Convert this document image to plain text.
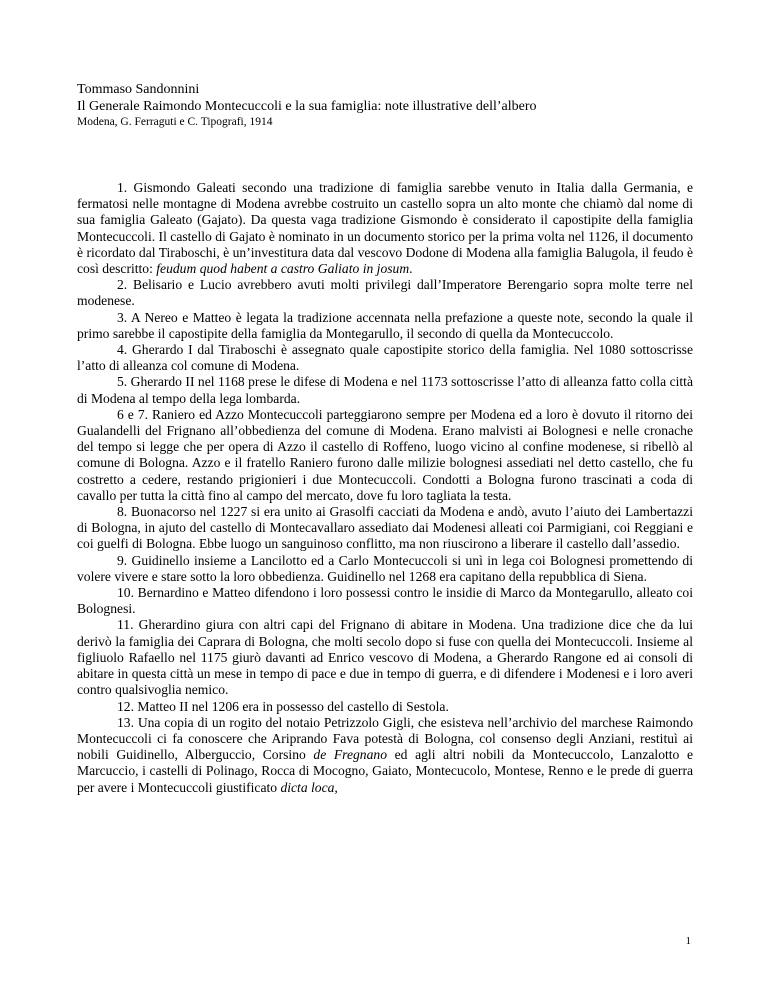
Tommaso Sandonnini
Il Generale Raimondo Montecuccoli e la sua famiglia: note illustrative dell’albero
Modena, G. Ferraguti e C. Tipografi, 1914

1. Gismondo Galeati secondo una tradizione di famiglia sarebbe venuto in Italia dalla Germania, e fermatosi nelle montagne di Modena avrebbe costruito un castello sopra un alto monte che chiamò dal nome di sua famiglia Galeato (Gajato). Da questa vaga tradizione Gismondo è considerato il capostipite della famiglia Montecuccoli. Il castello di Gajato è nominato in un documento storico per la prima volta nel 1126, il documento è ricordato dal Tiraboschi, è un’investitura data dal vescovo Dodone di Modena alla famiglia Balugola, il feudo è così descritto: feudum quod habent a castro Galiato in josum.

2. Belisario e Lucio avrebbero avuti molti privilegi dall’Imperatore Berengario sopra molte terre nel modenese.

3. A Nereo e Matteo è legata la tradizione accennata nella prefazione a queste note, secondo la quale il primo sarebbe il capostipite della famiglia da Montegarullo, il secondo di quella da Montecuccolo.

4. Gherardo I dal Tiraboschi è assegnato quale capostipite storico della famiglia. Nel 1080 sottoscrisse l’atto di alleanza col comune di Modena.

5. Gherardo II nel 1168 prese le difese di Modena e nel 1173 sottoscrisse l’atto di alleanza fatto colla città di Modena al tempo della lega lombarda.

6 e 7. Raniero ed Azzo Montecuccoli parteggiarono sempre per Modena ed a loro è dovuto il ritorno dei Gualandelli del Frignano all’obbedienza del comune di Modena. Erano malvisti ai Bolognesi e nelle cronache del tempo si legge che per opera di Azzo il castello di Roffeno, luogo vicino al confine modenese, si ribellò al comune di Bologna. Azzo e il fratello Raniero furono dalle milizie bolognesi assediati nel detto castello, che fu costretto a cedere, restando prigionieri i due Montecuccoli. Condotti a Bologna furono trascinati a coda di cavallo per tutta la città fino al campo del mercato, dove fu loro tagliata la testa.

8. Buonacorso nel 1227 si era unito ai Grasolfi cacciati da Modena e andò, avuto l’aiuto dei Lambertazzi di Bologna, in ajuto del castello di Montecavallaro assediato dai Modenesi alleati coi Parmigiani, coi Reggiani e coi guelfi di Bologna. Ebbe luogo un sanguinoso conflitto, ma non riuscirono a liberare il castello dall’assedio.

9. Guidinello insieme a Lancilotto ed a Carlo Montecuccoli si unì in lega coi Bolognesi promettendo di volere vivere e stare sotto la loro obbedienza. Guidinello nel 1268 era capitano della repubblica di Siena.

10. Bernardino e Matteo difendono i loro possessi contro le insidie di Marco da Montegarullo, alleato coi Bolognesi.

11. Gherardino giura con altri capi del Frignano di abitare in Modena. Una tradizione dice che da lui derivò la famiglia dei Caprara di Bologna, che molti secolo dopo si fuse con quella dei Montecuccoli. Insieme al figliuolo Rafaello nel 1175 giurò davanti ad Enrico vescovo di Modena, a Gherardo Rangone ed ai consoli di abitare in questa città un mese in tempo di pace e due in tempo di guerra, e di difendere i Modenesi e i loro averi contro qualsivoglia nemico.

12. Matteo II nel 1206 era in possesso del castello di Sestola.

13. Una copia di un rogito del notaio Petrizzolo Gigli, che esisteva nell’archivio del marchese Raimondo Montecuccoli ci fa conoscere che Ariprando Fava potestà di Bologna, col consenso degli Anziani, restituì ai nobili Guidinello, Alberguccio, Corsino de Fregnano ed agli altri nobili da Montecuccolo, Lanzalotto e Marcuccio, i castelli di Polinago, Rocca di Mocogno, Gaiato, Montecucolo, Montese, Renno e le prede di guerra per avere i Montecuccoli giustificato dicta loca,

1
